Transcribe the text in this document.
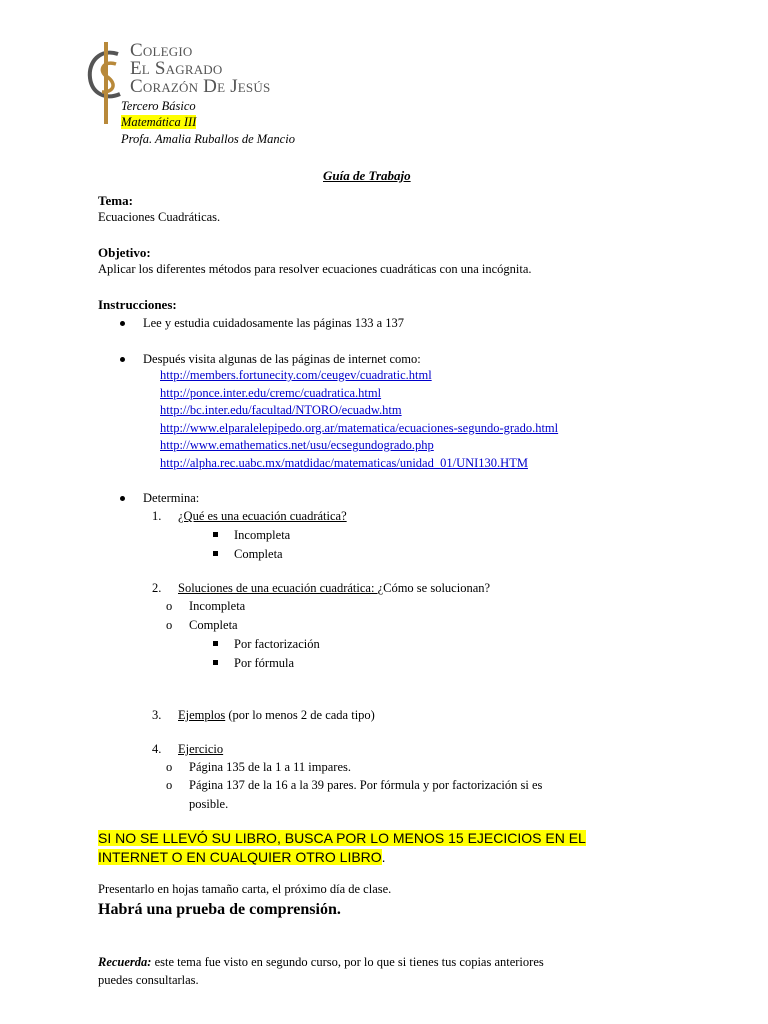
Colegio
El Sagrado
Corazón De Jesús
Tercero Básico
Matemática III
Profa. Amalia Ruballos de Mancio
Guía de Trabajo
Tema:
Ecuaciones Cuadráticas.
Objetivo:
Aplicar los diferentes métodos para resolver ecuaciones cuadráticas con una incógnita.
Instrucciones:
Lee y estudia cuidadosamente las páginas 133 a 137
Después visita algunas de las páginas de internet como:
http://members.fortunecity.com/ceugev/cuadratic.html
http://ponce.inter.edu/cremc/cuadratica.html
http://bc.inter.edu/facultad/NTORO/ecuadw.htm
http://www.elparalelepipedo.org.ar/matematica/ecuaciones-segundo-grado.html
http://www.emathematics.net/usu/ecsegundogrado.php
http://alpha.rec.uabc.mx/matdidac/matematicas/unidad_01/UNI130.HTM
Determina:
1. ¿Qué es una ecuación cuadrática?
Incompleta
Completa
2. Soluciones de una ecuación cuadrática: ¿Cómo se solucionan?
o Incompleta
o Completa
Por factorización
Por fórmula
3. Ejemplos (por lo menos 2 de cada tipo)
4. Ejercicio
o Página 135 de la 1 a 11 impares.
o Página 137 de la 16 a la 39 pares. Por fórmula y por factorización si es
posible.
SI NO SE LLEVÓ SU LIBRO, BUSCA POR LO MENOS 15 EJECICIOS EN EL
INTERNET O EN CUALQUIER OTRO LIBRO.
Presentarlo en hojas tamaño carta, el próximo día de clase.
Habrá una prueba de comprensión.
Recuerda: este tema fue visto en segundo curso, por lo que si tienes tus copias anteriores
puedes consultarlas.
